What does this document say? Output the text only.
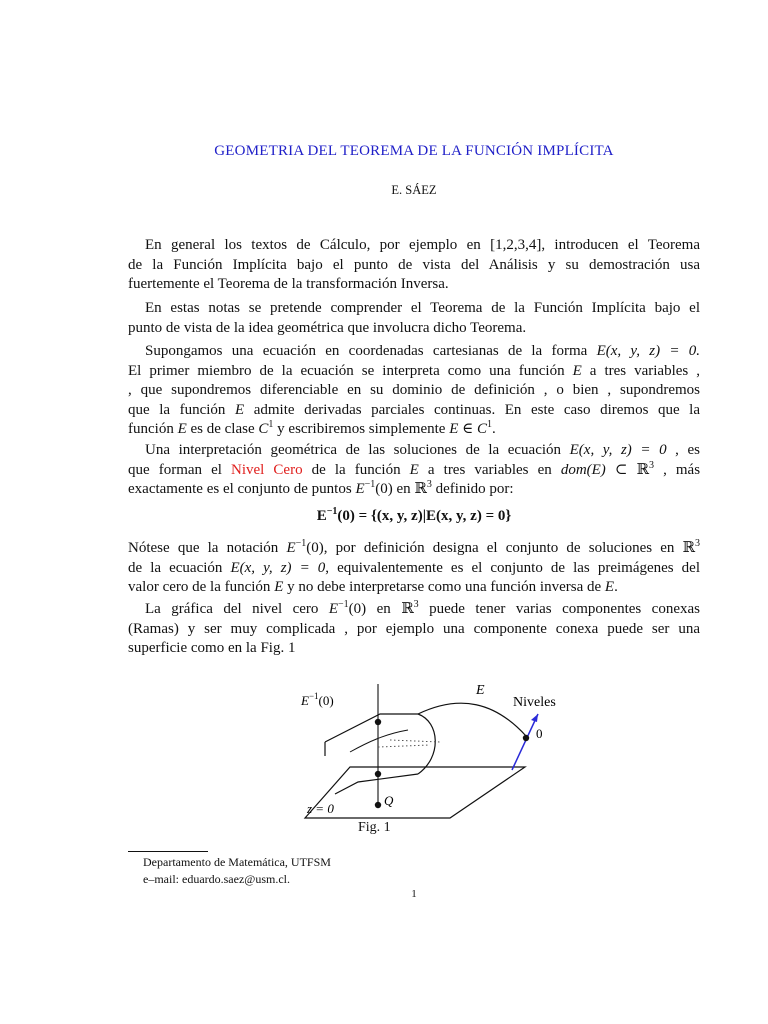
GEOMETRIA DEL TEOREMA DE LA FUNCIÓN IMPLÍCITA
E. SÁEZ
En general los textos de Cálculo, por ejemplo en [1,2,3,4], introducen el Teorema
de la Función Implícita bajo el punto de vista del Análisis y su demostración usa
fuertemente el Teorema de la transformación Inversa.
En estas notas se pretende comprender el Teorema de la Función Implícita bajo el
punto de vista de la idea geométrica que involucra dicho Teorema.
Supongamos una ecuación en coordenadas cartesianas de la forma E(x, y, z) = 0.
El primer miembro de la ecuación se interpreta como una función E a tres variables ,
, que supondremos diferenciable en su dominio de definición , o bien , supondremos
que la función E admite derivadas parciales continuas. En este caso diremos que la
función E es de clase $C^1$ y escribiremos simplemente E ∈ $C^1$.
Una interpretación geométrica de las soluciones de la ecuación E(x, y, z) = 0 , es
que forman el Nivel Cero de la función E a tres variables en dom(E) ⊂ ℝ$^3$ , más
exactamente es el conjunto de puntos $E^{-1}(0)$ en ℝ$^3$ definido por:
$E^{-1}(0) = \{(x$, y, z)|E(x, y, z) = 0}
Nótese que la notación $E^{-1}(0)$, por definición designa el conjunto de soluciones en ℝ$^3$
de la ecuación E(x, y, z) = 0, equivalentemente es el conjunto de las preimágenes del
valor cero de la función E y no debe interpretarse como una función inversa de E.
La gráfica del nivel cero $E^{-1}(0)$ en ℝ$^3$ puede tener varias componentes conexas
(Ramas) y ser muy complicada , por ejemplo una componente conexa puede ser una
superficie como en la Fig. 1
$E^{-1}(0)$
E
Niveles
0
z = 0
Q
Fig. 1
Departamento de Matemática, UTFSM
e–mail: eduardo.saez@usm.cl.
1
